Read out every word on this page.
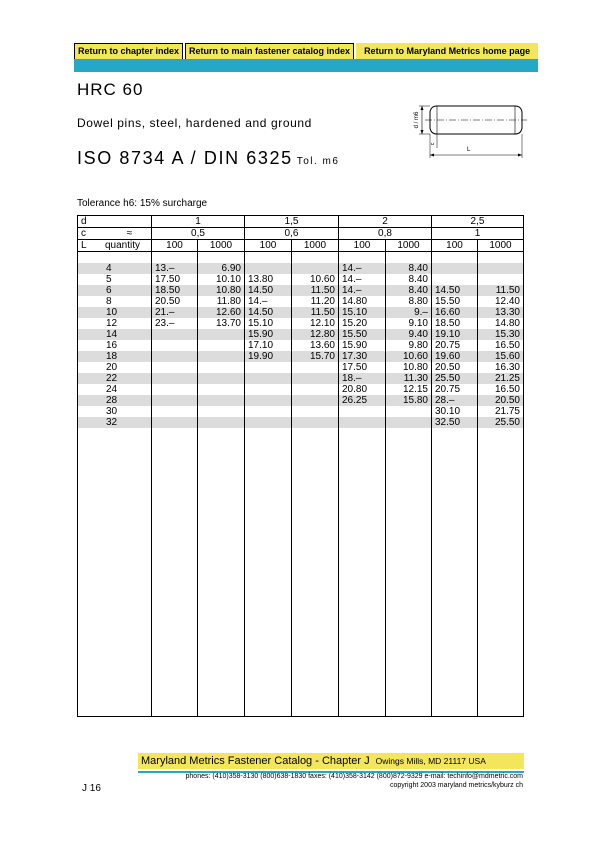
Return to chapter index	Return to main fastener catalog index	Return to Maryland Metrics home page
HRC 60
Dowel pins, steel, hardened and ground
ISO 8734 A / DIN 6325 Tol. m6
d / m6
c
L
Tolerance h6: 15% surcharge
d	1		1,5		2		2,5	
c ≈	0,5		0,6		0,8		1	
L quantity	100	1000	100	1000	100	1000	100	1000

4	13.–	6.90			14.–	8.40		
5	17.50	10.10	13.80	10.60	14.–	8.40		
6	18.50	10.80	14.50	11.50	14.–	8.40	14.50	11.50
8	20.50	11.80	14.–	11.20	14.80	8.80	15.50	12.40
10	21.–	12.60	14.50	11.50	15.10	9.–	16.60	13.30
12	23.–	13.70	15.10	12.10	15.20	9.10	18.50	14.80
14			15.90	12.80	15.50	9.40	19.10	15.30
16			17.10	13.60	15.90	9.80	20.75	16.50
18			19.90	15.70	17.30	10.60	19.60	15.60
20					17.50	10.80	20.50	16.30
22					18.–	11.30	25.50	21.25
24					20.80	12.15	20.75	16.50
28					26.25	15.80	28.–	20.50
30							30.10	21.75
32							32.50	25.50

Maryland Metrics Fastener Catalog - Chapter J Owings Mills, MD 21117 USA
phones: (410)358-3130 (800)638-1830 faxes: (410)358-3142 (800)872-9329 e-mail: techinfo@mdmetric.com
copyright 2003 maryland metrics/kyburz ch
J 16
